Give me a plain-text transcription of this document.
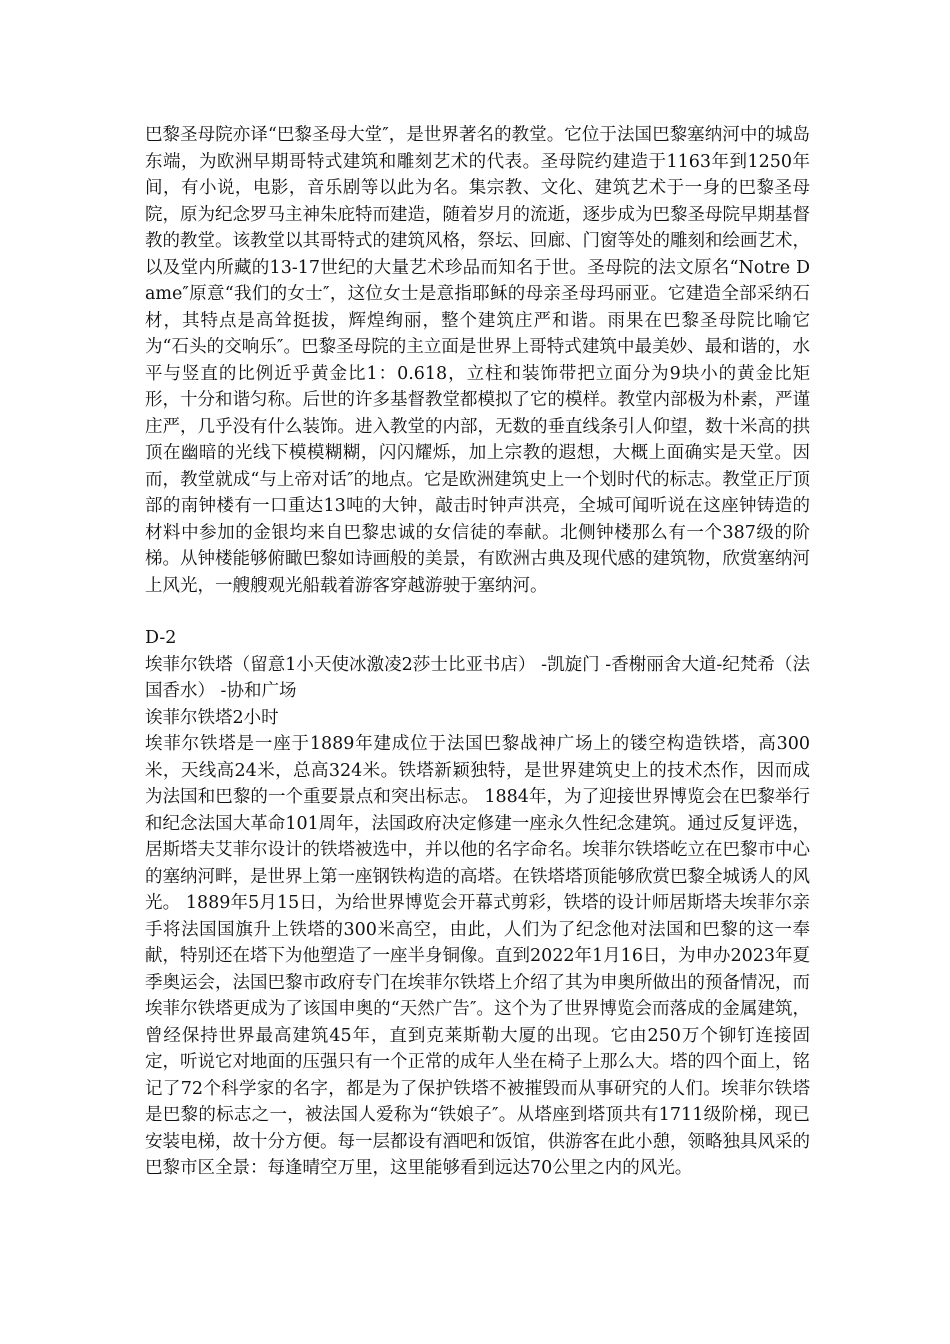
巴黎圣母院亦译“巴黎圣母大堂″，是世界著名的教堂。它位于法国巴黎塞纳河中的城岛东端，为欧洲早期哥特式建筑和雕刻艺术的代表。圣母院约建造于1163年到1250年间，有小说，电影，音乐剧等以此为名。集宗教、文化、建筑艺术于一身的巴黎圣母院，原为纪念罗马主神朱庇特而建造，随着岁月的流逝，逐步成为巴黎圣母院早期基督教的教堂。该教堂以其哥特式的建筑风格，祭坛、回廊、门窗等处的雕刻和绘画艺术，以及堂内所藏的13-17世纪的大量艺术珍品而知名于世。圣母院的法文原名“Notre Dame″原意“我们的女士″，这位女士是意指耶稣的母亲圣母玛丽亚。它建造全部采纳石材，其特点是高耸挺拔，辉煌绚丽，整个建筑庄严和谐。雨果在巴黎圣母院比喻它为“石头的交响乐″。巴黎圣母院的主立面是世界上哥特式建筑中最美妙、最和谐的，水平与竖直的比例近乎黄金比1：0.618，立柱和装饰带把立面分为9块小的黄金比矩形，十分和谐匀称。后世的许多基督教堂都模拟了它的模样。教堂内部极为朴素，严谨庄严，几乎没有什么装饰。进入教堂的内部，无数的垂直线条引人仰望，数十米高的拱顶在幽暗的光线下模模糊糊，闪闪耀烁，加上宗教的遐想，大概上面确实是天堂。因而，教堂就成“与上帝对话″的地点。它是欧洲建筑史上一个划时代的标志。教堂正厅顶部的南钟楼有一口重达13吨的大钟，敲击时钟声洪亮，全城可闻听说在这座钟铸造的材料中参加的金银均来自巴黎忠诚的女信徒的奉献。北侧钟楼那么有一个387级的阶梯。从钟楼能够俯瞰巴黎如诗画般的美景，有欧洲古典及现代感的建筑物，欣赏塞纳河上风光，一艘艘观光船载着游客穿越游驶于塞纳河。

D-2

埃菲尔铁塔（留意1小天使冰激凌2莎士比亚书店） -凯旋门 -香榭丽舍大道-纪梵希（法国香水） -协和广场

诶菲尔铁塔2小时

埃菲尔铁塔是一座于1889年建成位于法国巴黎战神广场上的镂空构造铁塔，高300米，天线高24米，总高324米。铁塔新颖独特，是世界建筑史上的技术杰作，因而成为法国和巴黎的一个重要景点和突出标志。 1884年，为了迎接世界博览会在巴黎举行和纪念法国大革命101周年，法国政府决定修建一座永久性纪念建筑。通过反复评选，居斯塔夫艾菲尔设计的铁塔被选中，并以他的名字命名。埃菲尔铁塔屹立在巴黎市中心的塞纳河畔，是世界上第一座钢铁构造的高塔。在铁塔塔顶能够欣赏巴黎全城诱人的风光。 1889年5月15日，为给世界博览会开幕式剪彩，铁塔的设计师居斯塔夫埃菲尔亲手将法国国旗升上铁塔的300米高空，由此，人们为了纪念他对法国和巴黎的这一奉献，特别还在塔下为他塑造了一座半身铜像。直到2022年1月16日，为申办2023年夏季奥运会，法国巴黎市政府专门在埃菲尔铁塔上介绍了其为申奥所做出的预备情况，而埃菲尔铁塔更成为了该国申奥的“天然广告″。这个为了世界博览会而落成的金属建筑，曾经保持世界最高建筑45年，直到克莱斯勒大厦的出现。它由250万个铆钉连接固定，听说它对地面的压强只有一个正常的成年人坐在椅子上那么大。塔的四个面上，铭记了72个科学家的名字，都是为了保护铁塔不被摧毁而从事研究的人们。埃菲尔铁塔是巴黎的标志之一，被法国人爱称为“铁娘子″。从塔座到塔顶共有1711级阶梯，现已安装电梯，故十分方便。每一层都设有酒吧和饭馆，供游客在此小憩，领略独具风采的巴黎市区全景：每逢晴空万里，这里能够看到远达70公里之内的风光。
